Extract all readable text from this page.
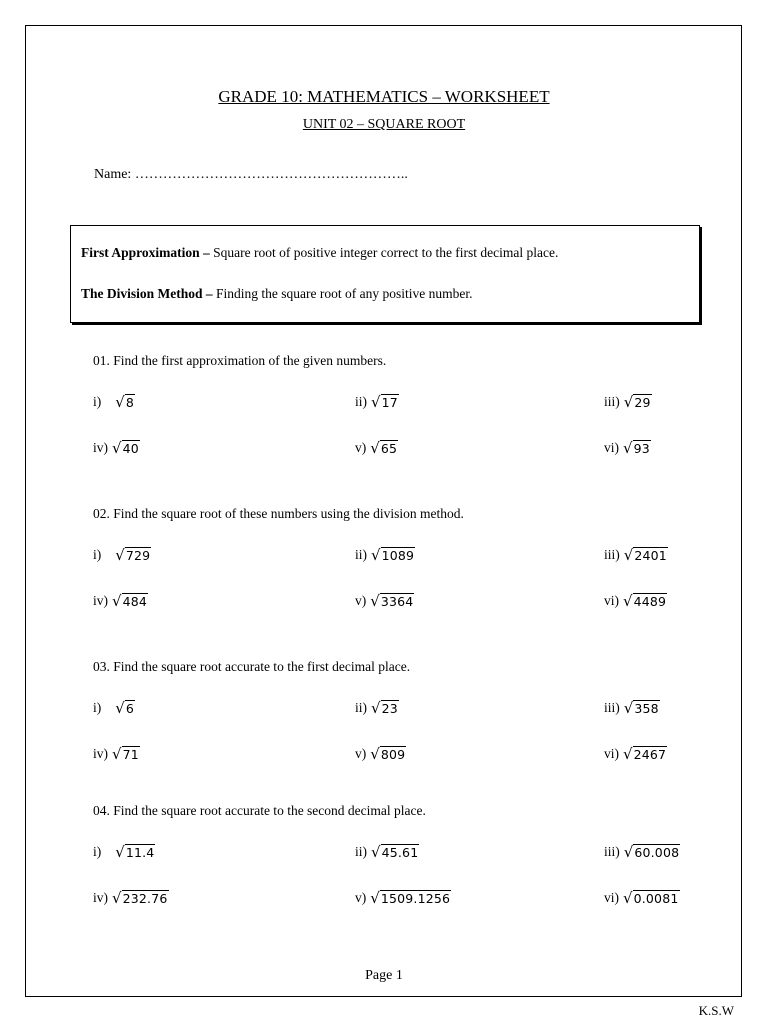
GRADE 10: MATHEMATICS – WORKSHEET
UNIT 02 – SQUARE ROOT
Name: …………………………………………………..
First Approximation – Square root of positive integer correct to the first decimal place.
The Division Method – Finding the square root of any positive number.
01. Find the first approximation of the given numbers.
i) √ 8	ii) √ 17	iii) √ 29
iv) √ 40	v) √ 65	vi) √ 93
02. Find the square root of these numbers using the division method.
i) √ 729	ii) √ 1089	iii) √ 2401
iv) √ 484	v) √ 3364	vi) √ 4489
03. Find the square root accurate to the first decimal place.
i) √ 6	ii) √ 23	iii) √ 358
iv) √ 71	v) √ 809	vi) √ 2467
04. Find the square root accurate to the second decimal place.
i) √ 11.4	ii) √ 45.61	iii) √ 60.008
iv) √ 232.76	v) √ 1509.1256	vi) √ 0.0081
Page 1
K.S.W
